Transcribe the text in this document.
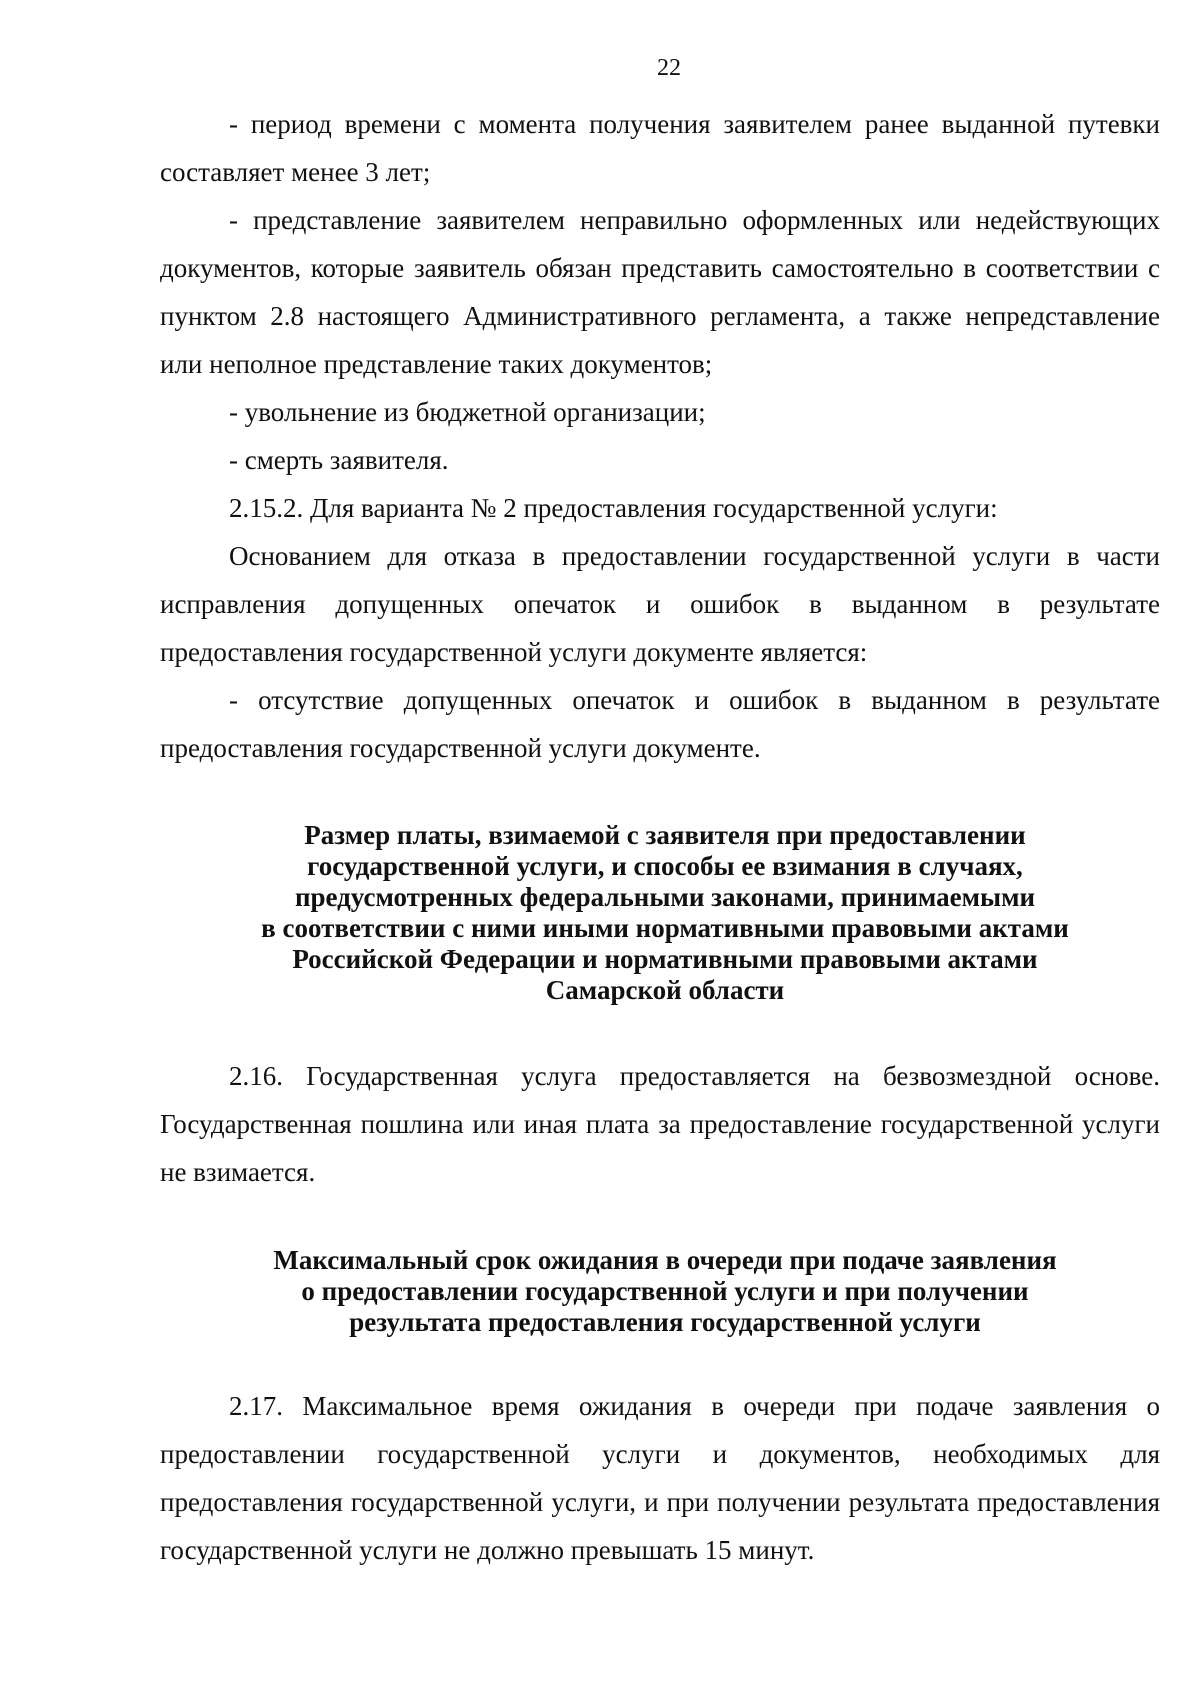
22

- период времени с момента получения заявителем ранее выданной путевки составляет менее 3 лет;

- представление заявителем неправильно оформленных или недействующих документов, которые заявитель обязан представить самостоятельно в соответствии с пунктом 2.8 настоящего Административного регламента, а также непредставление или неполное представление таких документов;

- увольнение из бюджетной организации;

- смерть заявителя.

2.15.2. Для варианта № 2 предоставления государственной услуги:

Основанием для отказа в предоставлении государственной услуги в части исправления допущенных опечаток и ошибок в выданном в результате предоставления государственной услуги документе является:

- отсутствие допущенных опечаток и ошибок в выданном в результате предоставления государственной услуги документе.

Размер платы, взимаемой с заявителя при предоставлении
государственной услуги, и способы ее взимания в случаях,
предусмотренных федеральными законами, принимаемыми
в соответствии с ними иными нормативными правовыми актами
Российской Федерации и нормативными правовыми актами
Самарской области

2.16. Государственная услуга предоставляется на безвозмездной основе. Государственная пошлина или иная плата за предоставление государственной услуги не взимается.

Максимальный срок ожидания в очереди при подаче заявления
о предоставлении государственной услуги и при получении
результата предоставления государственной услуги

2.17. Максимальное время ожидания в очереди при подаче заявления о предоставлении государственной услуги и документов, необходимых для предоставления государственной услуги, и при получении результата предоставления государственной услуги не должно превышать 15 минут.
